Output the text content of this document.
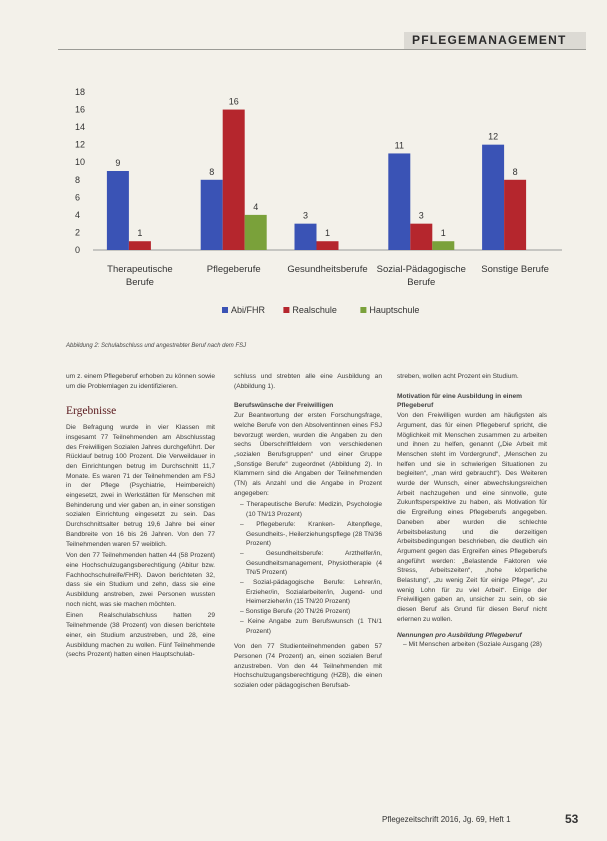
PFLEGEMANAGEMENT
0
2
4
6
8
10
12
14
16
18
9
1
8
16
4
3
1
11
3
1
12
8
Therapeutische
Berufe
Pflegeberufe	Gesundheitsberufe Sozial-Pädagogische
Berufe
Sonstige Berufe
Abi/FHR	Realschule	Hauptschule
Abbildung 2: Schulabschluss und angestrebter Beruf nach dem FSJ

um z. einem Pflegeberuf erhoben zu können sowie um die Problemlagen zu identifizieren.

Ergebnisse

Die Befragung wurde in vier Klassen mit insgesamt 77 Teilnehmenden am Abschlusstag des Freiwilligen Sozialen Jahres durchgeführt. Der Rücklauf betrug 100 Prozent. Die Verweildauer in den Einrichtungen betrug im Durchschnitt 11,7 Monate. Es waren 71 der Teilnehmenden am FSJ in der Pflege (Psychiatrie, Heimbereich) eingesetzt, zwei in Werkstätten für Menschen mit Behinderung und vier gaben an, in einer sonstigen sozialen Einrichtung eingesetzt zu sein. Das Durchschnittsalter betrug 19,6 Jahre bei einer Bandbreite von 16 bis 26 Jahren. Von den 77 Teilnehmenden waren 57 weiblich.

Von den 77 Teilnehmenden hatten 44 (58 Prozent) eine Hochschulzugangsberechtigung (Abitur bzw. Fachhochschulreife/FHR). Davon berichteten 32, dass sie ein Studium und zehn, dass sie eine Ausbildung anstreben, zwei Personen wussten noch nicht, was sie machen möchten.

Einen Realschulabschluss hatten 29 Teilnehmende (38 Prozent) von diesen berichtete einer, ein Studium anzustreben, und 28, eine Ausbildung machen zu wollen. Fünf Teilnehmende (sechs Prozent) hatten einen Hauptschulab-

schluss und strebten alle eine Ausbildung an (Abbildung 1).

Berufswünsche der Freiwilligen

Zur Beantwortung der ersten Forschungsfrage, welche Berufe von den Absolventinnen eines FSJ bevorzugt werden, wurden die Angaben zu den sechs Überschriftfeldern von verschiedenen „sozialen Berufsgruppen“ und einer Gruppe „Sonstige Berufe“ zugeordnet (Abbildung 2). In Klammern sind die Angaben der Teilnehmenden (TN) als Anzahl und die Angabe in Prozent angegeben:

– Therapeutische Berufe: Medizin, Psychologie (10 TN/13 Prozent)
– Pflegeberufe: Kranken- Altenpflege, Gesundheits-, Heilerziehungspflege (28 TN/36 Prozent)
– Gesundheitsberufe: Arzthelfer/in, Gesundheitsmanagement, Physiotherapie (4 TN/5 Prozent)
– Sozial-pädagogische Berufe: Lehrer/in, Erzieher/in, Sozialarbeiter/in, Jugend- und Heimerzieher/in (15 TN/20 Prozent)
– Sonstige Berufe (20 TN/26 Prozent)
– Keine Angabe zum Berufswunsch (1 TN/1 Prozent)

Von den 77 Studienteilnehmenden gaben 57 Personen (74 Prozent) an, einen sozialen Beruf anzustreben. Von den 44 Teilnehmenden mit Hochschulzugangsberechtigung (HZB), die einen sozialen oder pädagogischen Berufsab-

streben, wollen acht Prozent ein Studium.

Motivation für eine Ausbildung in einem Pflegeberuf

Von den Freiwilligen wurden am häufigsten als Argument, das für einen Pflegeberuf spricht, die Möglichkeit mit Menschen zusammen zu arbeiten und ihnen zu helfen, genannt („Die Arbeit mit Menschen steht im Vordergrund“, „Menschen zu helfen und sie in schwierigen Situationen zu begleiten“, „man wird gebraucht“). Des Weiteren wurde der Wunsch, einer abwechslungsreichen Arbeit nachzugehen und eine sinnvolle, gute Zukunftsperspektive zu haben, als Motivation für die Ergreifung eines Pflegeberufs angegeben. Daneben aber wurden die schlechte Arbeitsbelastung und die derzeitigen Arbeitsbedingungen beschrieben, die deutlich ein Argument gegen das Ergreifen eines Pflegeberufs angeführt werden: „Belastende Faktoren wie Stress, Arbeitszeiten“, „hohe körperliche Belastung“, „zu wenig Zeit für einige Pflege“, „zu wenig Lohn für zu viel Arbeit“. Einige der Freiwilligen gaben an, unsicher zu sein, ob sie diesen Beruf als Grund für diesen Beruf nicht erlernen zu wollen.

Nennungen pro Ausbildung Pflegeberuf
– Mit Menschen arbeiten (Soziale Ausgang (28)
Pflegezeitschrift 2016, Jg. 69, Heft 1	53
